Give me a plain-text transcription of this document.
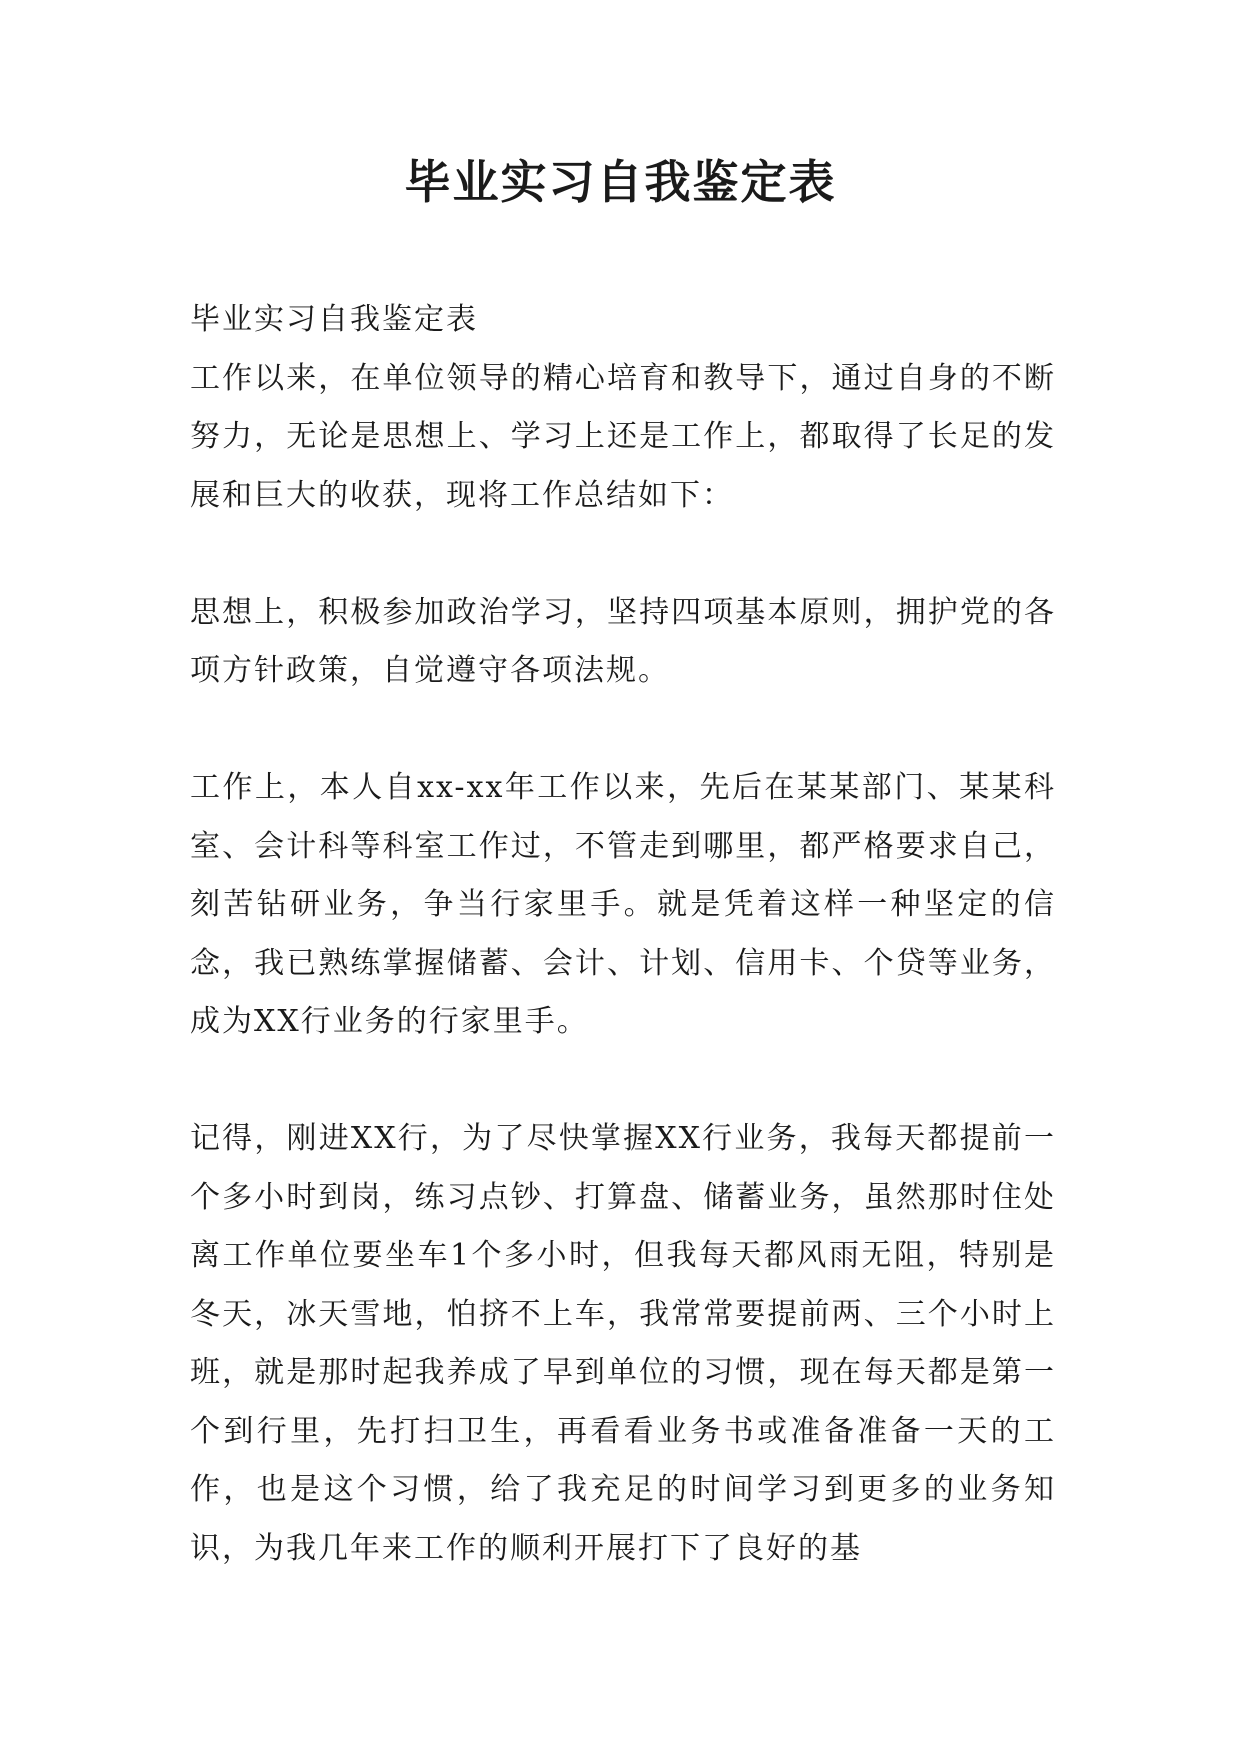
毕业实习自我鉴定表

毕业实习自我鉴定表

工作以来，在单位领导的精心培育和教导下，通过自身的不断努力，无论是思想上、学习上还是工作上，都取得了长足的发展和巨大的收获，现将工作总结如下：

思想上，积极参加政治学习，坚持四项基本原则，拥护党的各项方针政策，自觉遵守各项法规。

工作上，本人自xx-xx年工作以来，先后在某某部门、某某科室、会计科等科室工作过，不管走到哪里，都严格要求自己，刻苦钻研业务，争当行家里手。就是凭着这样一种坚定的信念，我已熟练掌握储蓄、会计、计划、信用卡、个贷等业务，成为XX行业务的行家里手。

记得，刚进XX行，为了尽快掌握XX行业务，我每天都提前一个多小时到岗，练习点钞、打算盘、储蓄业务，虽然那时住处离工作单位要坐车1个多小时，但我每天都风雨无阻，特别是冬天，冰天雪地，怕挤不上车，我常常要提前两、三个小时上班，就是那时起我养成了早到单位的习惯，现在每天都是第一个到行里，先打扫卫生，再看看业务书或准备准备一天的工作，也是这个习惯，给了我充足的时间学习到更多的业务知识，为我几年来工作的顺利开展打下了良好的基
